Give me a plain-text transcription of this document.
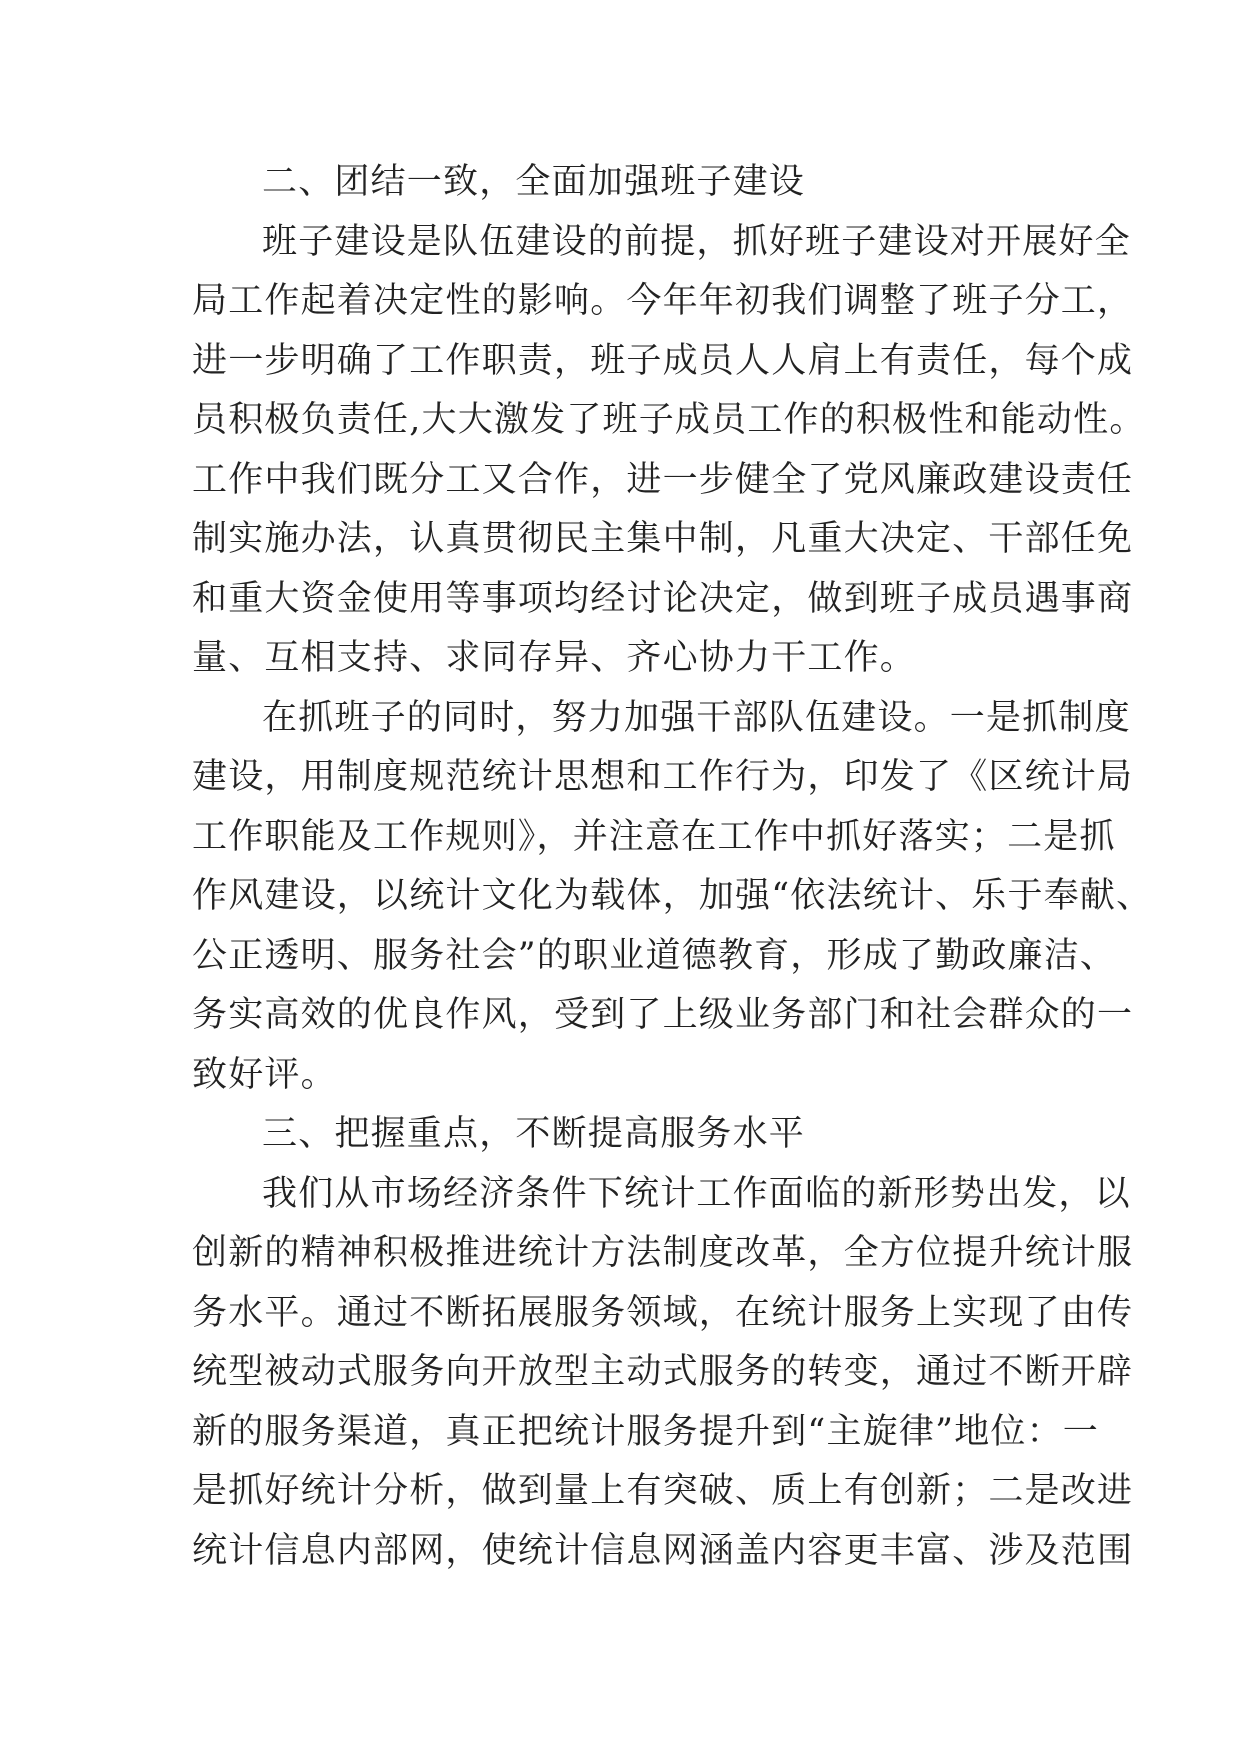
二、团结一致，全面加强班子建设

班子建设是队伍建设的前提，抓好班子建设对开展好全
局工作起着决定性的影响。今年年初我们调整了班子分工，
进一步明确了工作职责，班子成员人人肩上有责任，每个成
员积极负责任,大大激发了班子成员工作的积极性和能动性。
工作中我们既分工又合作，进一步健全了党风廉政建设责任
制实施办法，认真贯彻民主集中制，凡重大决定、干部任免
和重大资金使用等事项均经讨论决定，做到班子成员遇事商
量、互相支持、求同存异、齐心协力干工作。

在抓班子的同时，努力加强干部队伍建设。一是抓制度
建设，用制度规范统计思想和工作行为，印发了《区统计局
工作职能及工作规则》，并注意在工作中抓好落实；二是抓
作风建设，以统计文化为载体，加强“依法统计、乐于奉献、
公正透明、服务社会”的职业道德教育，形成了勤政廉洁、
务实高效的优良作风，受到了上级业务部门和社会群众的一
致好评。

三、把握重点，不断提高服务水平

我们从市场经济条件下统计工作面临的新形势出发，以
创新的精神积极推进统计方法制度改革，全方位提升统计服
务水平。通过不断拓展服务领域，在统计服务上实现了由传
统型被动式服务向开放型主动式服务的转变，通过不断开辟
新的服务渠道，真正把统计服务提升到“主旋律”地位：一
是抓好统计分析，做到量上有突破、质上有创新；二是改进
统计信息内部网，使统计信息网涵盖内容更丰富、涉及范围
